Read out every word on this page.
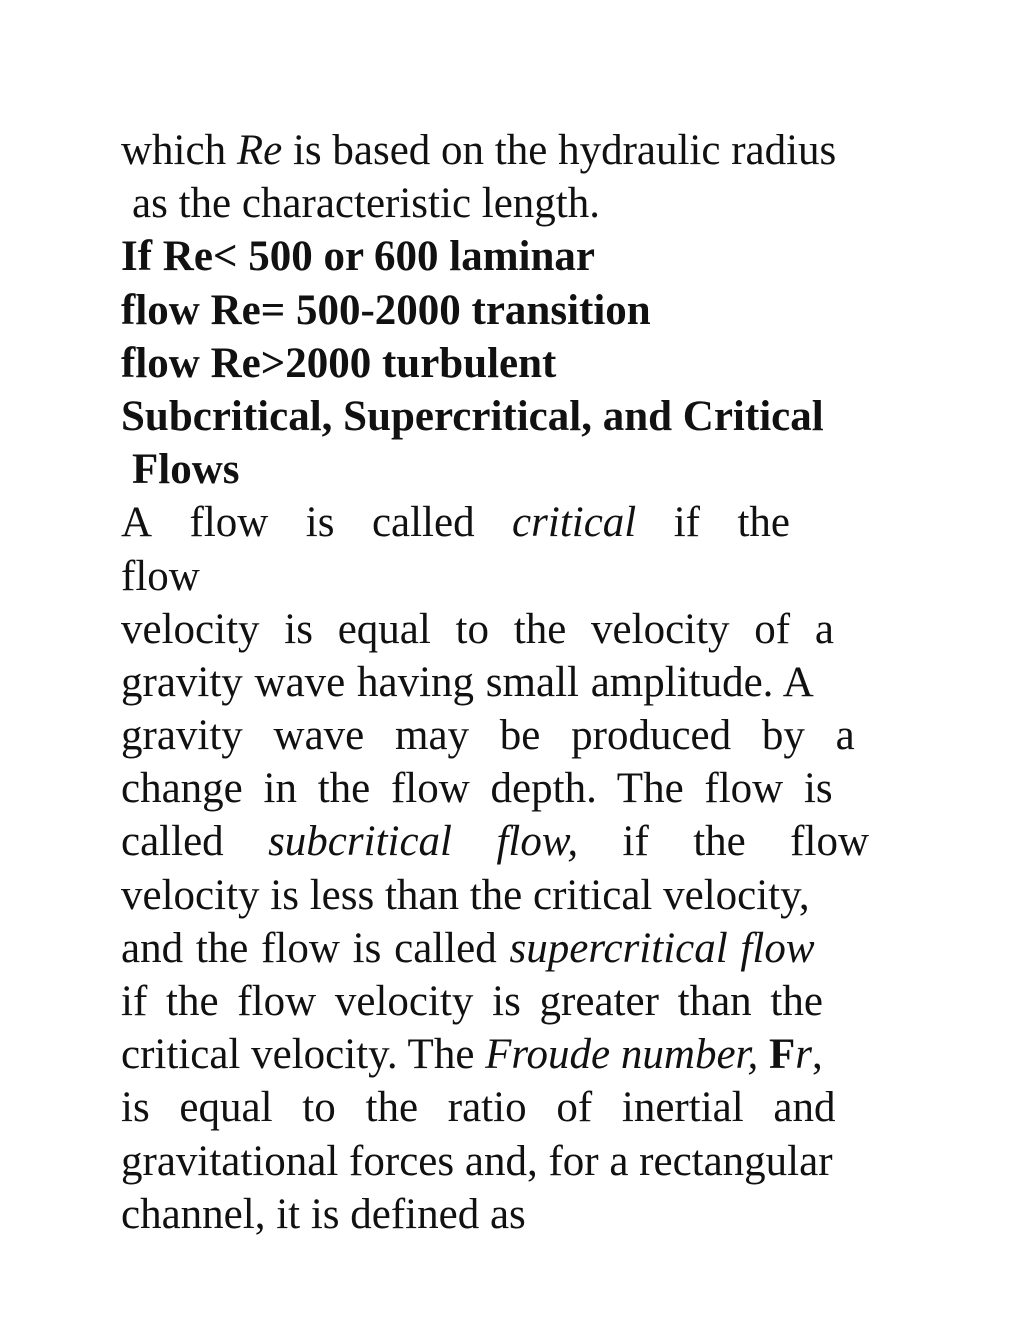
which Re is based on the hydraulic radius
as the characteristic length.
If Re< 500 or 600 laminar
flow Re= 500-2000 transition
flow Re>2000 turbulent
Subcritical, Supercritical, and Critical
Flows
A flow is called critical if the
flow
velocity is equal to the velocity of a
gravity wave having small amplitude. A
gravity wave may be produced by a
change in the flow depth. The flow is
called subcritical flow, if the flow
velocity is less than the critical velocity,
and the flow is called supercritical flow
if the flow velocity is greater than the
critical velocity. The Froude number, Fr,
is equal to the ratio of inertial and
gravitational forces and, for a rectangular
channel, it is defined as
